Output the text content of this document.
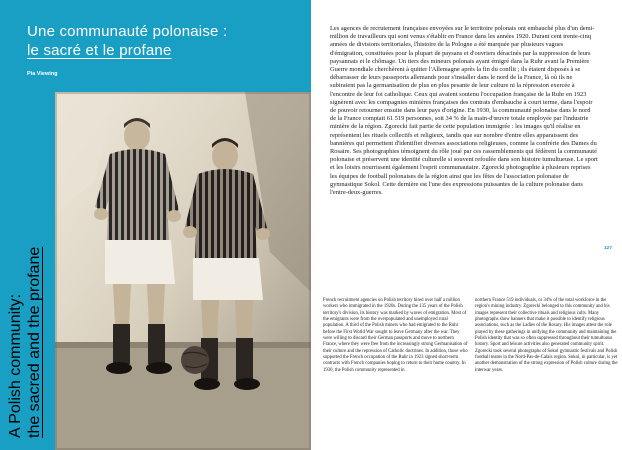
Une communauté polonaise :
le sacré et le profane
Pia Viewing
A Polish community: the sacred and the profane
Les agences de recrutement françaises envoyées sur le territoire polonais ont embauché plus d'un demi-million de travailleurs qui sont venus s'établir en France dans les années 1920. Durant cent trente-cinq années de divisions territoriales, l'histoire de la Pologne a été marquée par plusieurs vagues d'émigration, constituées pour la plupart de paysans et d'ouvriers déracinés par la suppression de leurs paysannats et le chômage. Un tiers des mineurs polonais ayant émigré dans la Ruhr avant la Première Guerre mondiale cherchèrent à quitter l'Allemagne après la fin du conflit ; ils étaient disposés à se débarrasser de leurs passeports allemands pour s'installer dans le nord de la France, là où ils ne subiraient pas la germanisation de plus en plus pesante de leur culture ni la répression exercée à l'encontre de leur foi catholique. Ceux qui avaient soutenu l'occupation française de la Ruhr en 1923 signèrent avec les compagnies minières françaises des contrats d'embauche à court terme, dans l'espoir de pouvoir retourner ensuite dans leur pays d'origine. En 1930, la communauté polonaise dans le nord de la France comptait 61 519 personnes, soit 34 % de la main-d'œuvre totale employée par l'industrie minière de la région. Zgorecki fait partie de cette population immigrée : les images qu'il réalise en représentent les rituels collectifs et religieux, tandis que sur nombre d'entre elles apparaissent des bannières qui permettent d'identifier diverses associations religieuses, comme la confrérie des Dames du Rosaire. Ses photographies témoignent du rôle joué par ces rassemblements qui fédèrent la communauté polonaise et préservent une identité culturelle si souvent refoulée dans son histoire tumultueuse. Le sport et les loisirs nourrissent également l'esprit communautaire. Zgorecki photographie à plusieurs reprises les équipes de football polonaises de la région ainsi que les fêtes de l'association polonaise de gymnastique Sokol. Cette dernière est l'une des expressions puissantes de la culture polonaise dans l'entre-deux-guerres.
127
French recruitment agencies on Polish territory hired over half a million workers who immigrated in the 1920s. During the 135 years of the Polish territory's division, its history was marked by waves of emigration. Most of the emigrants were from the overpopulated and unemployed rural population. A third of the Polish miners who had emigrated to the Ruhr before the First World War sought to leave Germany after the war. They were willing to discard their German passports and move to northern France, where they were free from the increasingly strong Germanisation of their culture and the repression of Catholic doctrines. In addition, those who supported the French occupation of the Ruhr in 1923 signed short-term contracts with French companies hoping to return to their home country. In 1930, the Polish community represented in
northern France 519 individuals, or 34% of the total workforce in the region's mining industry. Zgorecki belonged to this community and his images represent their collective rituals and religious cults. Many photographs show banners that make it possible to identify religious associations, such as the Ladies of the Rosary. His images attest the role played by these gatherings in unifying the community and maintaining the Polish identity that was so often suppressed throughout their tumultuous history. Sport and leisure activities also generated community spirit. Zgorecki took several photographs of Sokol gymnastic festivals and Polish football teams in the Nord-Pas-de-Calais region. Sokol, in particular, is yet another demonstration of the strong expression of Polish culture during the interwar years.
